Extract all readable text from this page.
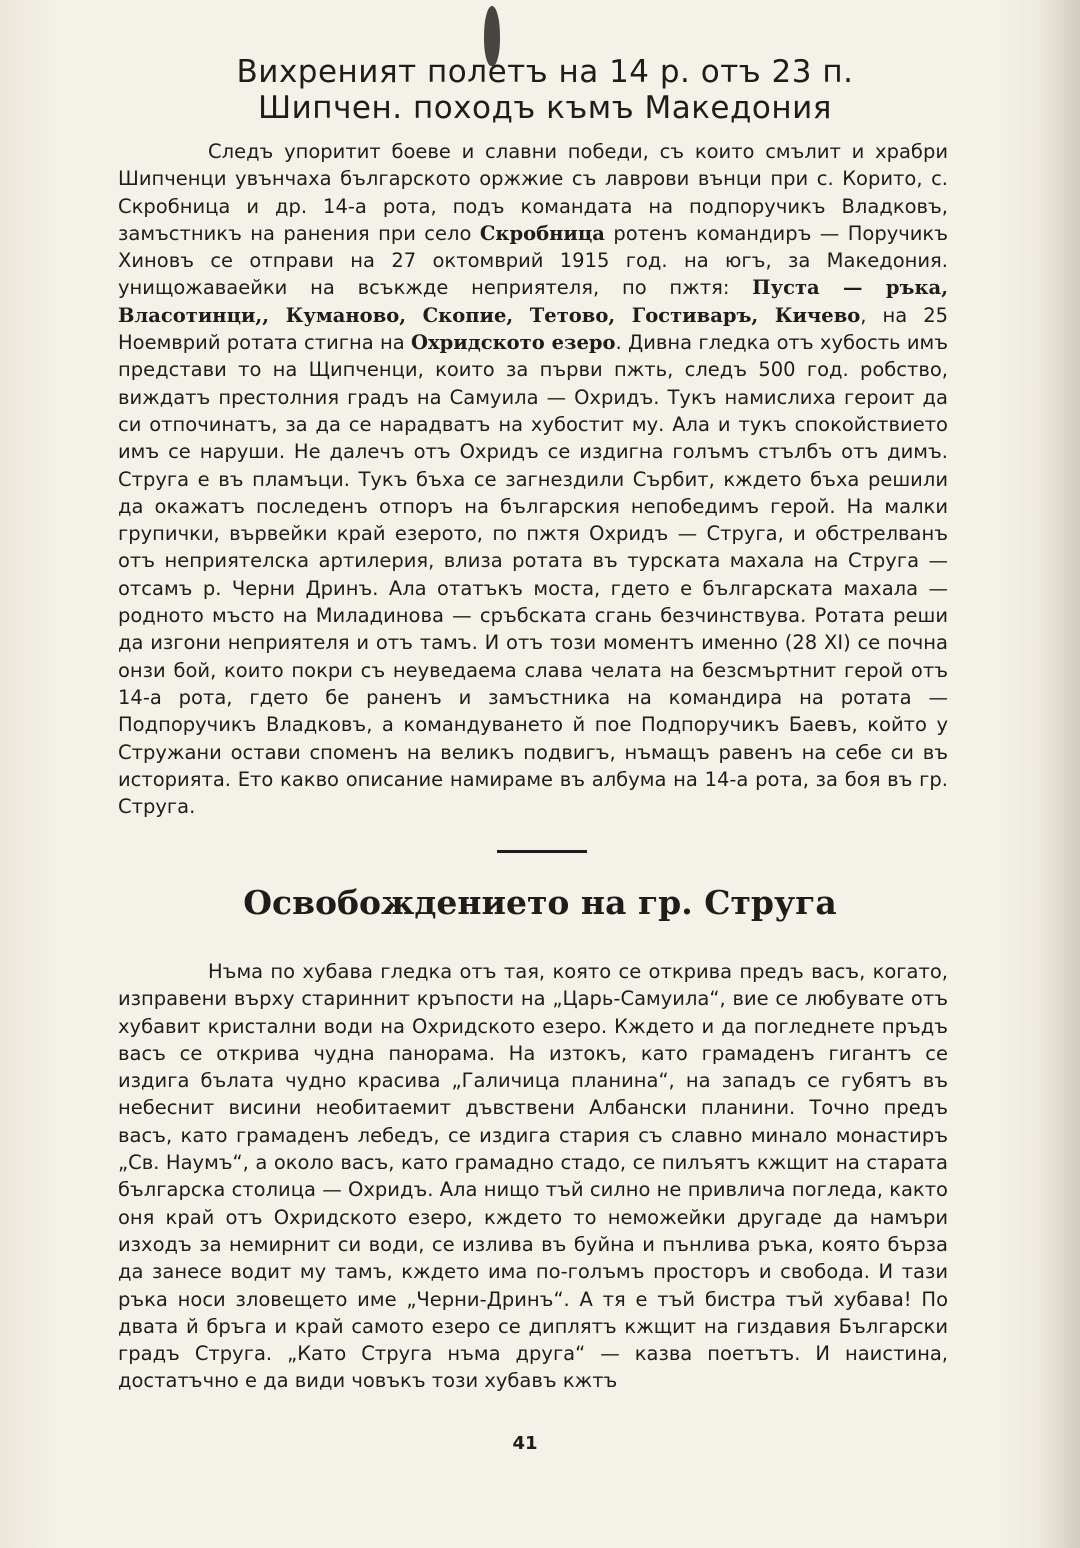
Вихреният полетъ на 14 р. отъ 23 п.
Шипчен. походъ къмъ Македония

Следъ упоритит боеве и славни победи, съ които смълит и храбри Шипченци увънчаха българското оржжие съ лаврови вънци при с. Корито, с. Скробница и др. 14-а рота, подъ командата на подпоручикъ Владковъ, замъстникъ на ранения при село Скробница ротенъ командиръ — Поручикъ Хиновъ се отправи на 27 октомврий 1915 год. на югъ, за Македония. унищожаваейки на всъкжде неприятеля, по пжтя: Пуста — ръка, Власотинци,, Куманово, Скопие, Тетово, Гостиваръ, Кичево, на 25 Ноемврий ротата стигна на Охридското езеро. Дивна гледка отъ хубость имъ представи то на Щипченци, които за първи пжть, следъ 500 год. робство, виждатъ престолния градъ на Самуила — Охридъ. Тукъ намислиха героит да си отпочинатъ, за да се нарадватъ на хубостит му. Ала и тукъ спокойствието имъ се наруши. Не далечъ отъ Охридъ се издигна голъмъ стълбъ отъ димъ. Струга е въ пламъци. Тукъ бъха се загнездили Сърбит, кждето бъха решили да окажатъ последенъ отпоръ на българския непобедимъ герой. На малки групички, вървейки край езерото, по пжтя Охридъ — Струга, и обстрелванъ отъ неприятелска артилерия, влиза ротата въ турската махала на Струга — отсамъ р. Черни Дринъ. Ала отатъкъ моста, гдето е българската махала — родното мъсто на Миладинова — сръбската сгань безчинствува. Ротата реши да изгони неприятеля и отъ тамъ. И отъ този моментъ именно (28 XI) се почна онзи бой, които покри съ неуведаема слава челата на безсмъртнит герой отъ 14-а рота, гдето бе раненъ и замъстника на командира на ротата — Подпоручикъ Владковъ, а командуването й пое Подпоручикъ Баевъ, който у Стружани остави споменъ на великъ подвигъ, нъмащъ равенъ на себе си въ историята. Ето какво описание намираме въ албума на 14-а рота, за боя въ гр. Струга.

Освобождението на гр. Струга

Нъма по хубава гледка отъ тая, която се открива предъ васъ, когато, изправени върху стариннит кръпости на „Царь-Самуила“, вие се любувате отъ хубавит кристални води на Охридското езеро. Кждето и да погледнете пръдъ васъ се открива чудна панорама. На изтокъ, като грамаденъ гигантъ се издига бълата чудно красива „Галичица планина“, на западъ се губятъ въ небеснит висини необитаемит дъвствени Албански планини. Точно предъ васъ, като грамаденъ лебедъ, се издига стария съ славно минало монастиръ „Св. Наумъ“, а около васъ, като грамадно стадо, се пилъятъ кжщит на старата българска столица — Охридъ. Ала нищо тъй силно не привлича погледа, както оня край отъ Охридското езеро, кждето то неможейки другаде да намъри изходъ за немирнит си води, се излива въ буйна и пънлива ръка, която бърза да занесе водит му тамъ, кждето има по-голъмъ просторъ и свобода. И тази ръка носи зловещето име „Черни-Дринъ“. А тя е тъй бистра тъй хубава! По двата й бръга и край самото езеро се диплятъ кжщит на гиздавия Български градъ Струга. „Като Струга нъма друга“ — казва поетътъ. И наистина, достатъчно е да види човъкъ този хубавъ кжтъ

41
